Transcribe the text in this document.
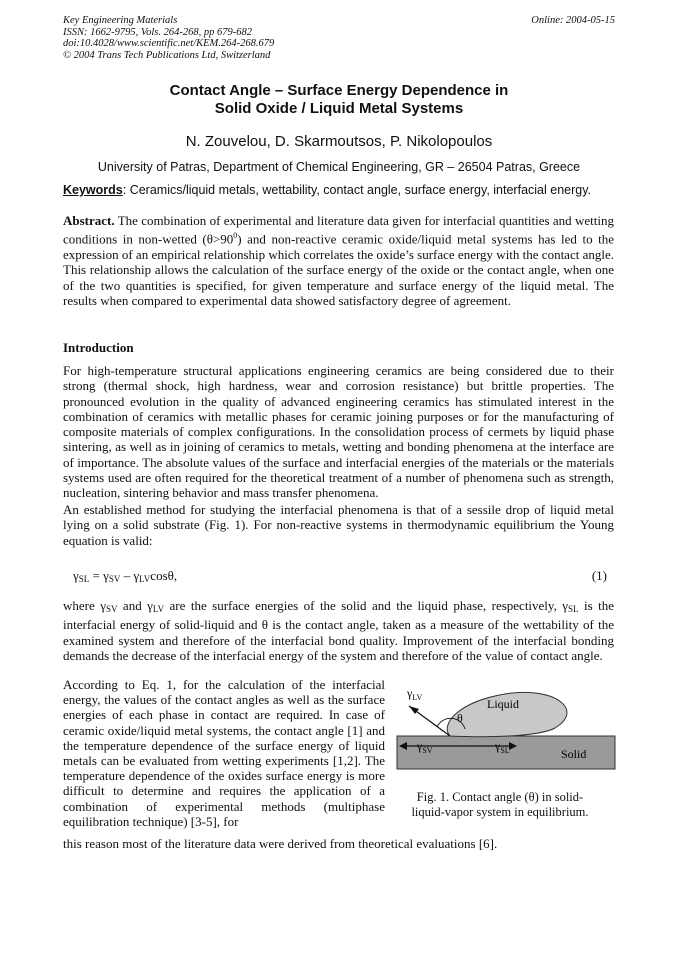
Key Engineering Materials
ISSN: 1662-9795, Vols. 264-268, pp 679-682
doi:10.4028/www.scientific.net/KEM.264-268.679
© 2004 Trans Tech Publications Ltd, Switzerland
Online: 2004-05-15
Contact Angle – Surface Energy Dependence in
Solid Oxide / Liquid Metal Systems
N. Zouvelou, D. Skarmoutsos, P. Nikolopoulos
University of Patras, Department of Chemical Engineering, GR – 26504 Patras, Greece
Keywords: Ceramics/liquid metals, wettability, contact angle, surface energy, interfacial energy.
Abstract. The combination of experimental and literature data given for interfacial quantities and wetting conditions in non-wetted $(\theta>90^0)$ and non-reactive ceramic oxide/liquid metal systems has led to the expression of an empirical relationship which correlates the oxide’s surface energy with the contact angle. This relationship allows the calculation of the surface energy of the oxide or the contact angle, when one of the two quantities is specified, for given temperature and surface energy of the liquid metal. The results when compared to experimental data showed satisfactory degree of agreement.
Introduction
For high-temperature structural applications engineering ceramics are being considered due to their strong (thermal shock, high hardness, wear and corrosion resistance) but brittle properties. The pronounced evolution in the quality of advanced engineering ceramics has stimulated interest in the combination of ceramics with metallic phases for ceramic joining purposes or for the manufacturing of composite materials of complex configurations. In the consolidation process of cermets by liquid phase sintering, as well as in joining of ceramics to metals, wetting and bonding phenomena at the interface are of importance. The absolute values of the surface and interfacial energies of the materials or the materials systems used are often required for the theoretical treatment of a number of phenomena such as strength, nucleation, sintering behavior and mass transfer phenomena.
An established method for studying the interfacial phenomena is that of a sessile drop of liquid metal lying on a solid substrate (Fig. 1). For non-reactive systems in thermodynamic equilibrium the Young equation is valid:
$\gamma_{SL} = \gamma_{SV} - \gamma_{LV}\cos\theta$,	(1)
where $\gamma_{SV}$ and $\gamma_{LV}$ are the surface energies of the solid and the liquid phase, respectively, $\gamma_{SL}$ is the interfacial energy of solid-liquid and θ is the contact angle, taken as a measure of the wettability of the examined system and therefore of the interfacial bond quality. Improvement of the interfacial bonding demands the decrease of the interfacial energy of the system and therefore of the value of contact angle.
According to Eq. 1, for the calculation of the interfacial energy, the values of the contact angles as well as the surface energies of each phase in contact are required. In case of ceramic oxide/liquid metal systems, the contact angle [1] and the temperature dependence of the surface energy of liquid metals can be evaluated from wetting experiments [1,2]. The temperature dependence of the oxides surface energy is more difficult to determine and requires the application of a combination of experimental methods (multiphase equilibration technique) [3-5], for
this reason most of the literature data were derived from theoretical evaluations [6].
Liquid
Solid
θ
$\gamma_{LV}$
$\gamma_{SV}$	$\gamma_{SL}$
Fig. 1. Contact angle (θ) in solid-
liquid-vapor system in equilibrium.
